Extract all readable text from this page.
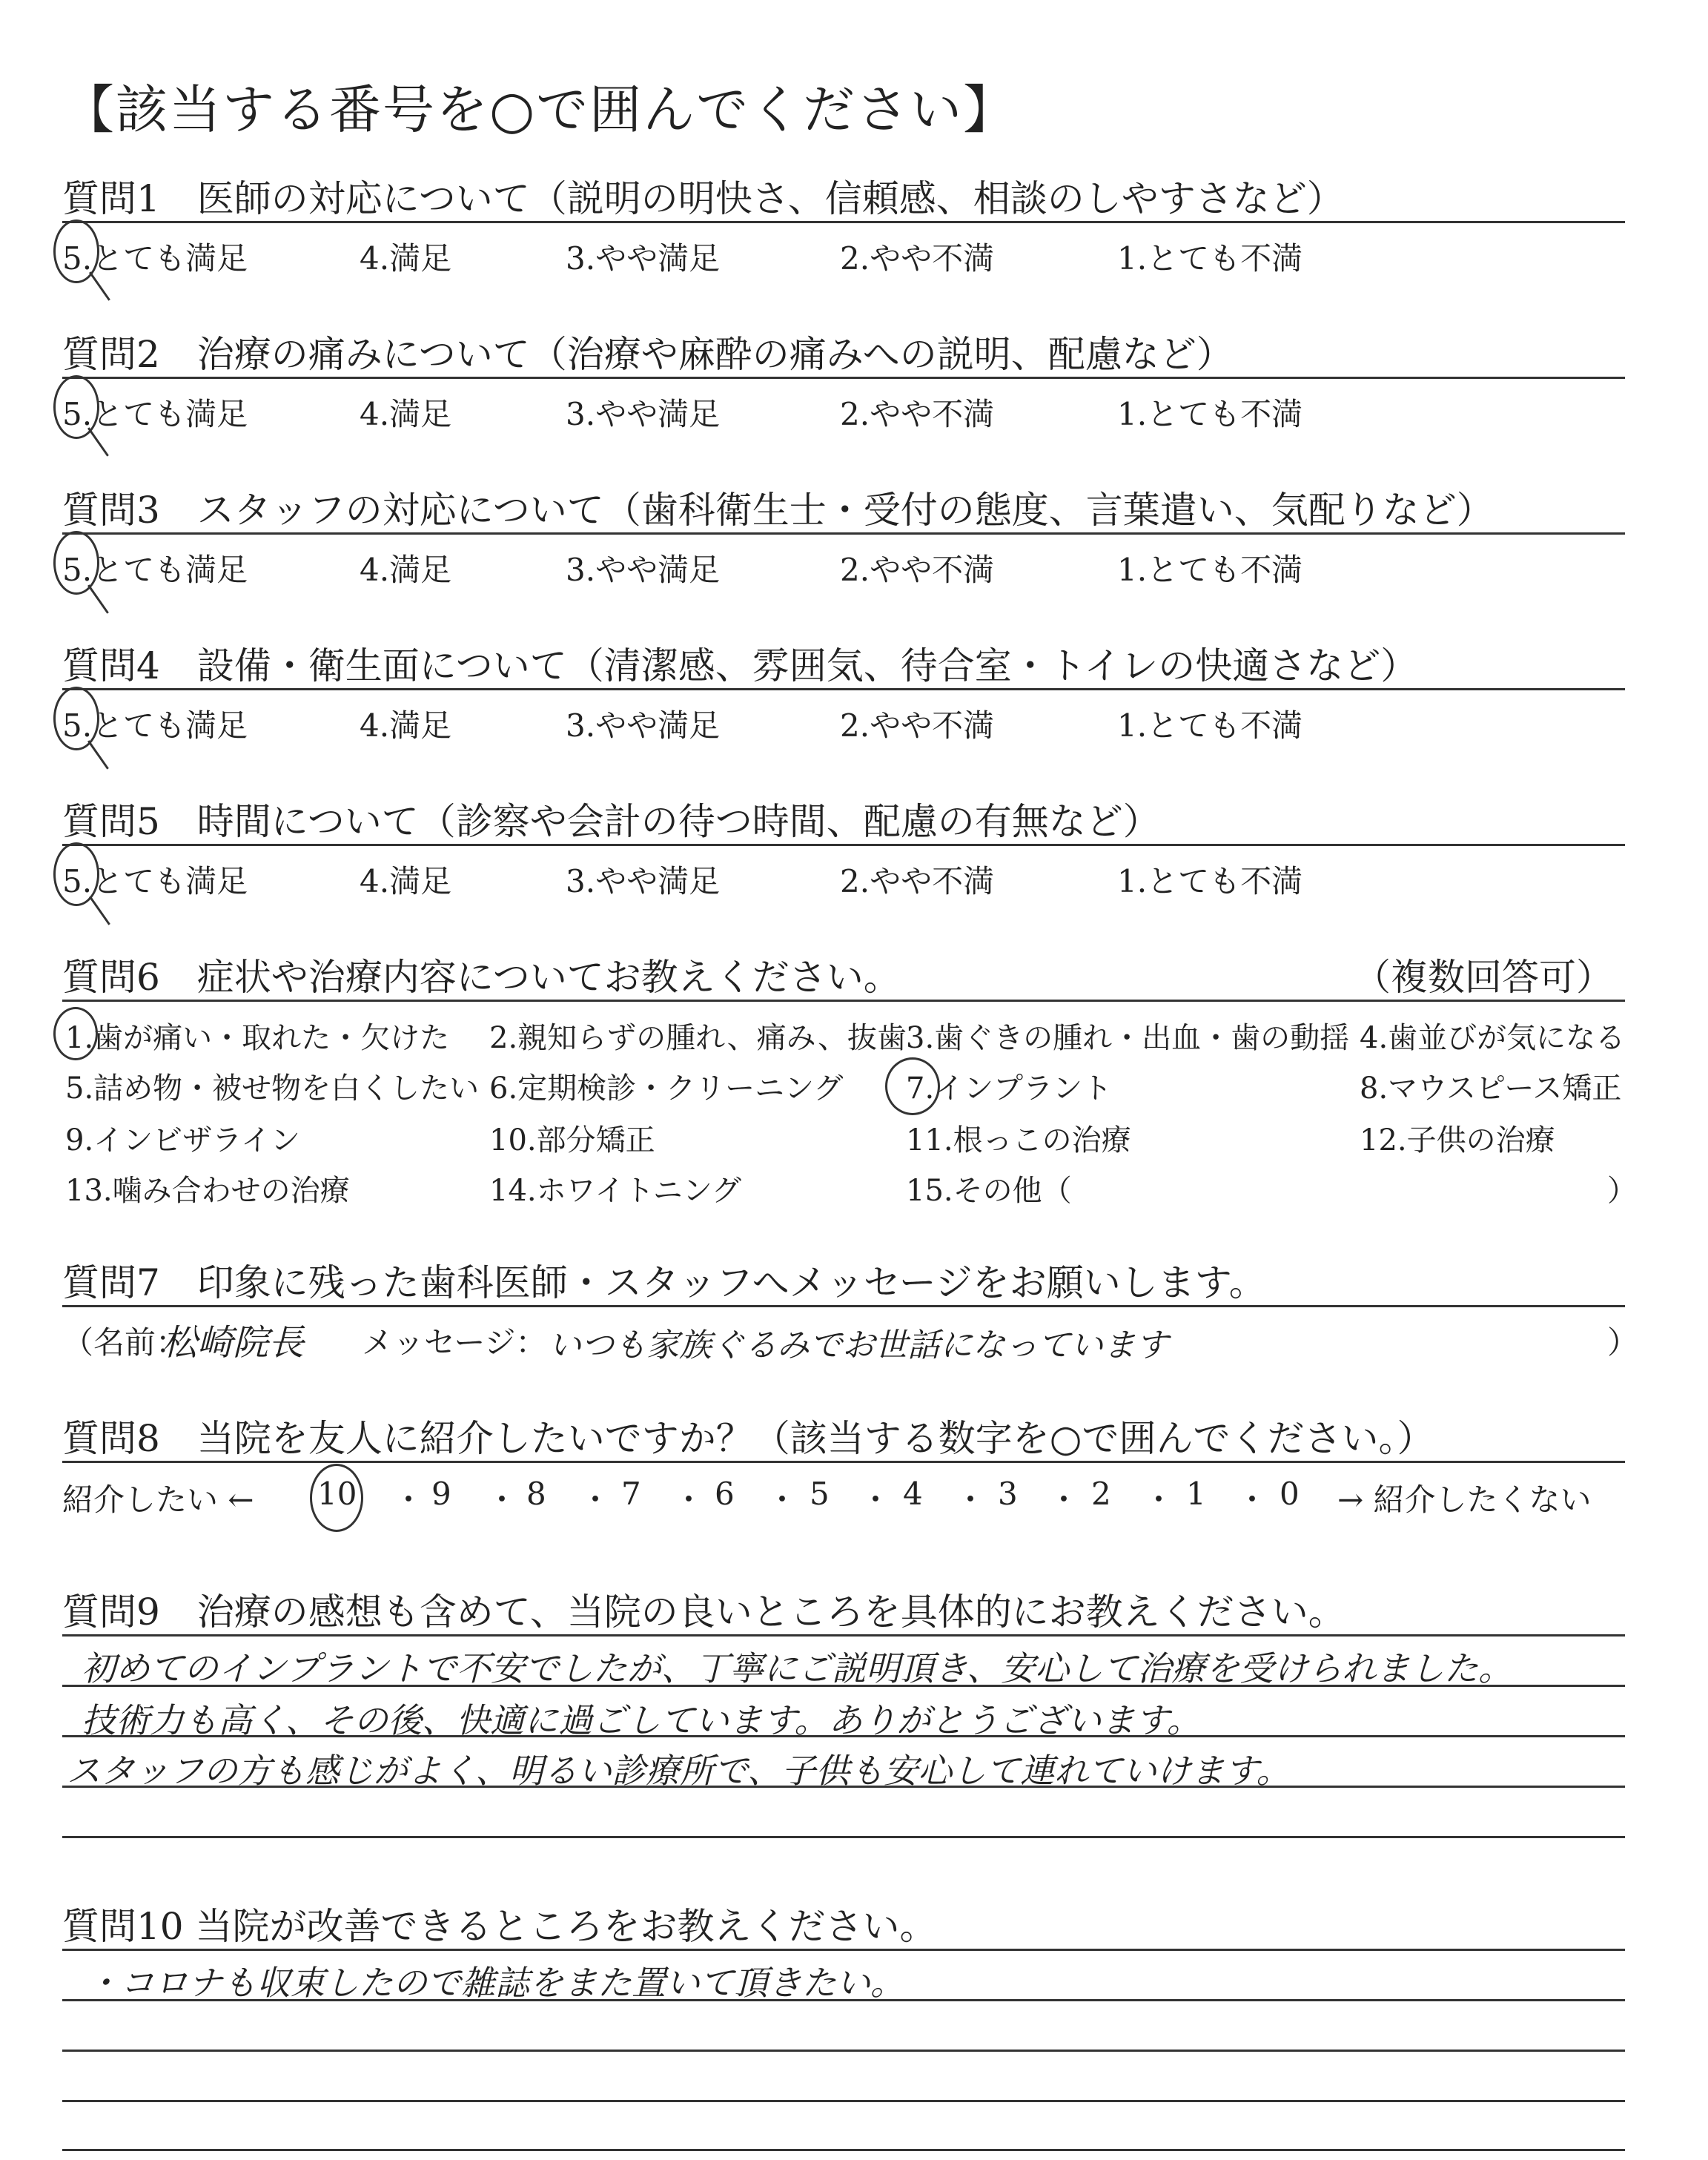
【該当する番号を○で囲んでください】
質問1　医師の対応について（説明の明快さ、信頼感、相談のしやすさなど）
5.とても満足	4.満足	3.やや満足	2.やや不満	1.とても不満
質問2　治療の痛みについて（治療や麻酔の痛みへの説明、配慮など）
5.とても満足	4.満足	3.やや満足	2.やや不満	1.とても不満
質問3　スタッフの対応について（歯科衛生士・受付の態度、言葉遣い、気配りなど）
5.とても満足	4.満足	3.やや満足	2.やや不満	1.とても不満
質問4　設備・衛生面について（清潔感、雰囲気、待合室・トイレの快適さなど）
5.とても満足	4.満足	3.やや満足	2.やや不満	1.とても不満
質問5　時間について（診察や会計の待つ時間、配慮の有無など）
5.とても満足	4.満足	3.やや満足	2.やや不満	1.とても不満
質問6　症状や治療内容についてお教えください。	（複数回答可）
1.歯が痛い・取れた・欠けた 2.親知らずの腫れ、痛み、抜歯 3.歯ぐきの腫れ・出血・歯の動揺 4.歯並びが気になる
5.詰め物・被せ物を白くしたい 6.定期検診・クリーニング 7.インプラント	8.マウスピース矯正
9.インビザライン	10.部分矯正	11.根っこの治療	12.子供の治療
13.噛み合わせの治療	14.ホワイトニング	15.その他（	）
質問7　印象に残った歯科医師・スタッフへメッセージをお願いします。
（名前：
松崎院長 メッセージ： いつも家族ぐるみでお世話になっています	）
質問8　当院を友人に紹介したいですか？（該当する数字を○で囲んでください。）
紹介したい ← 10 ・ 9 ・ 8 ・ 7 ・ 6 ・ 5 ・ 4 ・ 3 ・ 2 ・ 1 ・ 0 → 紹介したくない
質問9　治療の感想も含めて、当院の良いところを具体的にお教えください。
初めてのインプラントで不安でしたが、丁寧にご説明頂き、安心して治療を受けられました。
技術力も高く、その後、快適に過ごしています。ありがとうございます。
スタッフの方も感じがよく、明るい診療所で、子供も安心して連れていけます。
質問10 当院が改善できるところをお教えください。
・コロナも収束したので雑誌をまた置いて頂きたい。
